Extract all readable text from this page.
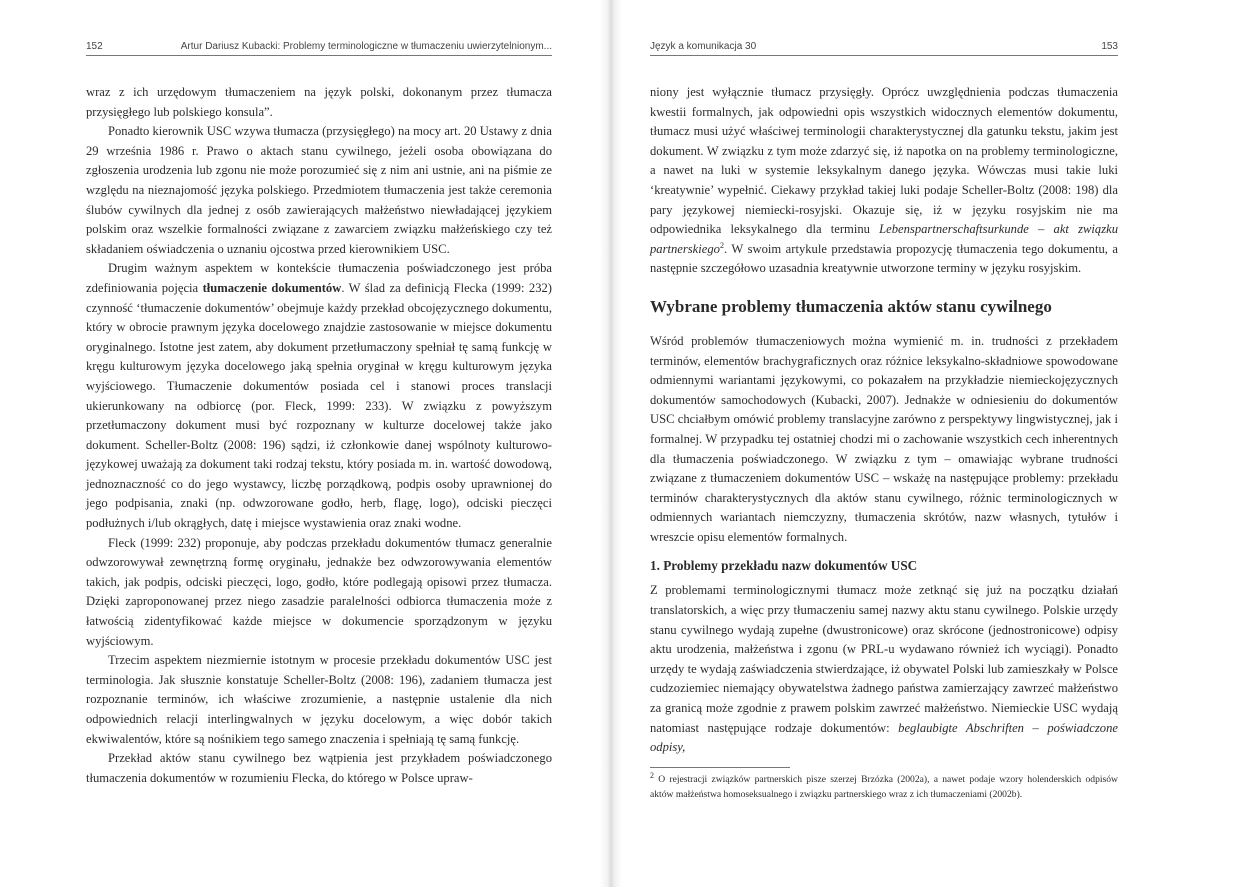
152	Artur Dariusz Kubacki: Problemy terminologiczne w tłumaczeniu uwierzytelnionym...

wraz z ich urzędowym tłumaczeniem na język polski, dokonanym przez tłumacza przysięgłego lub polskiego konsula”.

Ponadto kierownik USC wzywa tłumacza (przysięgłego) na mocy art. 20 Ustawy z dnia 29 września 1986 r. Prawo o aktach stanu cywilnego, jeżeli osoba obowiązana do zgłoszenia urodzenia lub zgonu nie może porozumieć się z nim ani ustnie, ani na piśmie ze względu na nieznajomość języka polskiego. Przedmiotem tłumaczenia jest także ceremonia ślubów cywilnych dla jednej z osób zawierających małżeństwo niewładającej językiem polskim oraz wszelkie formalności związane z zawarciem związku małżeńskiego czy też składaniem oświadczenia o uznaniu ojcostwa przed kierownikiem USC.

Drugim ważnym aspektem w kontekście tłumaczenia poświadczonego jest próba zdefiniowania pojęcia tłumaczenie dokumentów. W ślad za definicją Flecka (1999: 232) czynność ‘tłumaczenie dokumentów’ obejmuje każdy przekład obcojęzycznego dokumentu, który w obrocie prawnym języka docelowego znajdzie zastosowanie w miejsce dokumentu oryginalnego. Istotne jest zatem, aby dokument przetłumaczony spełniał tę samą funkcję w kręgu kulturowym języka docelowego jaką spełnia oryginał w kręgu kulturowym języka wyjściowego. Tłumaczenie dokumentów posiada cel i stanowi proces translacji ukierunkowany na odbiorcę (por. Fleck, 1999: 233). W związku z powyższym przetłumaczony dokument musi być rozpoznany w kulturze docelowej także jako dokument. Scheller-Boltz (2008: 196) sądzi, iż członkowie danej wspólnoty kulturowo-językowej uważają za dokument taki rodzaj tekstu, który posiada m. in. wartość dowodową, jednoznaczność co do jego wystawcy, liczbę porządkową, podpis osoby uprawnionej do jego podpisania, znaki (np. odwzorowane godło, herb, flagę, logo), odciski pieczęci podłużnych i/lub okrągłych, datę i miejsce wystawienia oraz znaki wodne.

Fleck (1999: 232) proponuje, aby podczas przekładu dokumentów tłumacz generalnie odwzorowywał zewnętrzną formę oryginału, jednakże bez odwzorowywania elementów takich, jak podpis, odciski pieczęci, logo, godło, które podlegają opisowi przez tłumacza. Dzięki zaproponowanej przez niego zasadzie paralelności odbiorca tłumaczenia może z łatwością zidentyfikować każde miejsce w dokumencie sporządzonym w języku wyjściowym.

Trzecim aspektem niezmiernie istotnym w procesie przekładu dokumentów USC jest terminologia. Jak słusznie konstatuje Scheller-Boltz (2008: 196), zadaniem tłumacza jest rozpoznanie terminów, ich właściwe zrozumienie, a następnie ustalenie dla nich odpowiednich relacji interlingwalnych w języku docelowym, a więc dobór takich ekwiwalentów, które są nośnikiem tego samego znaczenia i spełniają tę samą funkcję.

Przekład aktów stanu cywilnego bez wątpienia jest przykładem poświadczonego tłumaczenia dokumentów w rozumieniu Flecka, do którego w Polsce upraw-

Język a komunikacja 30	153

niony jest wyłącznie tłumacz przysięgły. Oprócz uwzględnienia podczas tłumaczenia kwestii formalnych, jak odpowiedni opis wszystkich widocznych elementów dokumentu, tłumacz musi użyć właściwej terminologii charakterystycznej dla gatunku tekstu, jakim jest dokument. W związku z tym może zdarzyć się, iż napotka on na problemy terminologiczne, a nawet na luki w systemie leksykalnym danego języka. Wówczas musi takie luki ‘kreatywnie’ wypełnić. Ciekawy przykład takiej luki podaje Scheller-Boltz (2008: 198) dla pary językowej niemiecki-rosyjski. Okazuje się, iż w języku rosyjskim nie ma odpowiednika leksykalnego dla terminu Lebenspartnerschaftsurkunde – akt związku partnerskiego$^2$. W swoim artykule przedstawia propozycję tłumaczenia tego dokumentu, a następnie szczegółowo uzasadnia kreatywnie utworzone terminy w języku rosyjskim.

Wybrane problemy tłumaczenia aktów stanu cywilnego

Wśród problemów tłumaczeniowych można wymienić m. in. trudności z przekładem terminów, elementów brachygraficznych oraz różnice leksykalno-składniowe spowodowane odmiennymi wariantami językowymi, co pokazałem na przykładzie niemieckojęzycznych dokumentów samochodowych (Kubacki, 2007). Jednakże w odniesieniu do dokumentów USC chciałbym omówić problemy translacyjne zarówno z perspektywy lingwistycznej, jak i formalnej. W przypadku tej ostatniej chodzi mi o zachowanie wszystkich cech inherentnych dla tłumaczenia poświadczonego. W związku z tym – omawiając wybrane trudności związane z tłumaczeniem dokumentów USC – wskażę na następujące problemy: przekładu terminów charakterystycznych dla aktów stanu cywilnego, różnic terminologicznych w odmiennych wariantach niemczyzny, tłumaczenia skrótów, nazw własnych, tytułów i wreszcie opisu elementów formalnych.

1. Problemy przekładu nazw dokumentów USC

Z problemami terminologicznymi tłumacz może zetknąć się już na początku działań translatorskich, a więc przy tłumaczeniu samej nazwy aktu stanu cywilnego. Polskie urzędy stanu cywilnego wydają zupełne (dwustronicowe) oraz skrócone (jednostronicowe) odpisy aktu urodzenia, małżeństwa i zgonu (w PRL-u wydawano również ich wyciągi). Ponadto urzędy te wydają zaświadczenia stwierdzające, iż obywatel Polski lub zamieszkały w Polsce cudzoziemiec niemający obywatelstwa żadnego państwa zamierzający zawrzeć małżeństwo za granicą może zgodnie z prawem polskim zawrzeć małżeństwo. Niemieckie USC wydają natomiast następujące rodzaje dokumentów: beglaubigte Abschriften – poświadczone odpisy,

$^2$ O rejestracji związków partnerskich pisze szerzej Brzózka (2002a), a nawet podaje wzory holenderskich odpisów aktów małżeństwa homoseksualnego i związku partnerskiego wraz z ich tłumaczeniami (2002b).
